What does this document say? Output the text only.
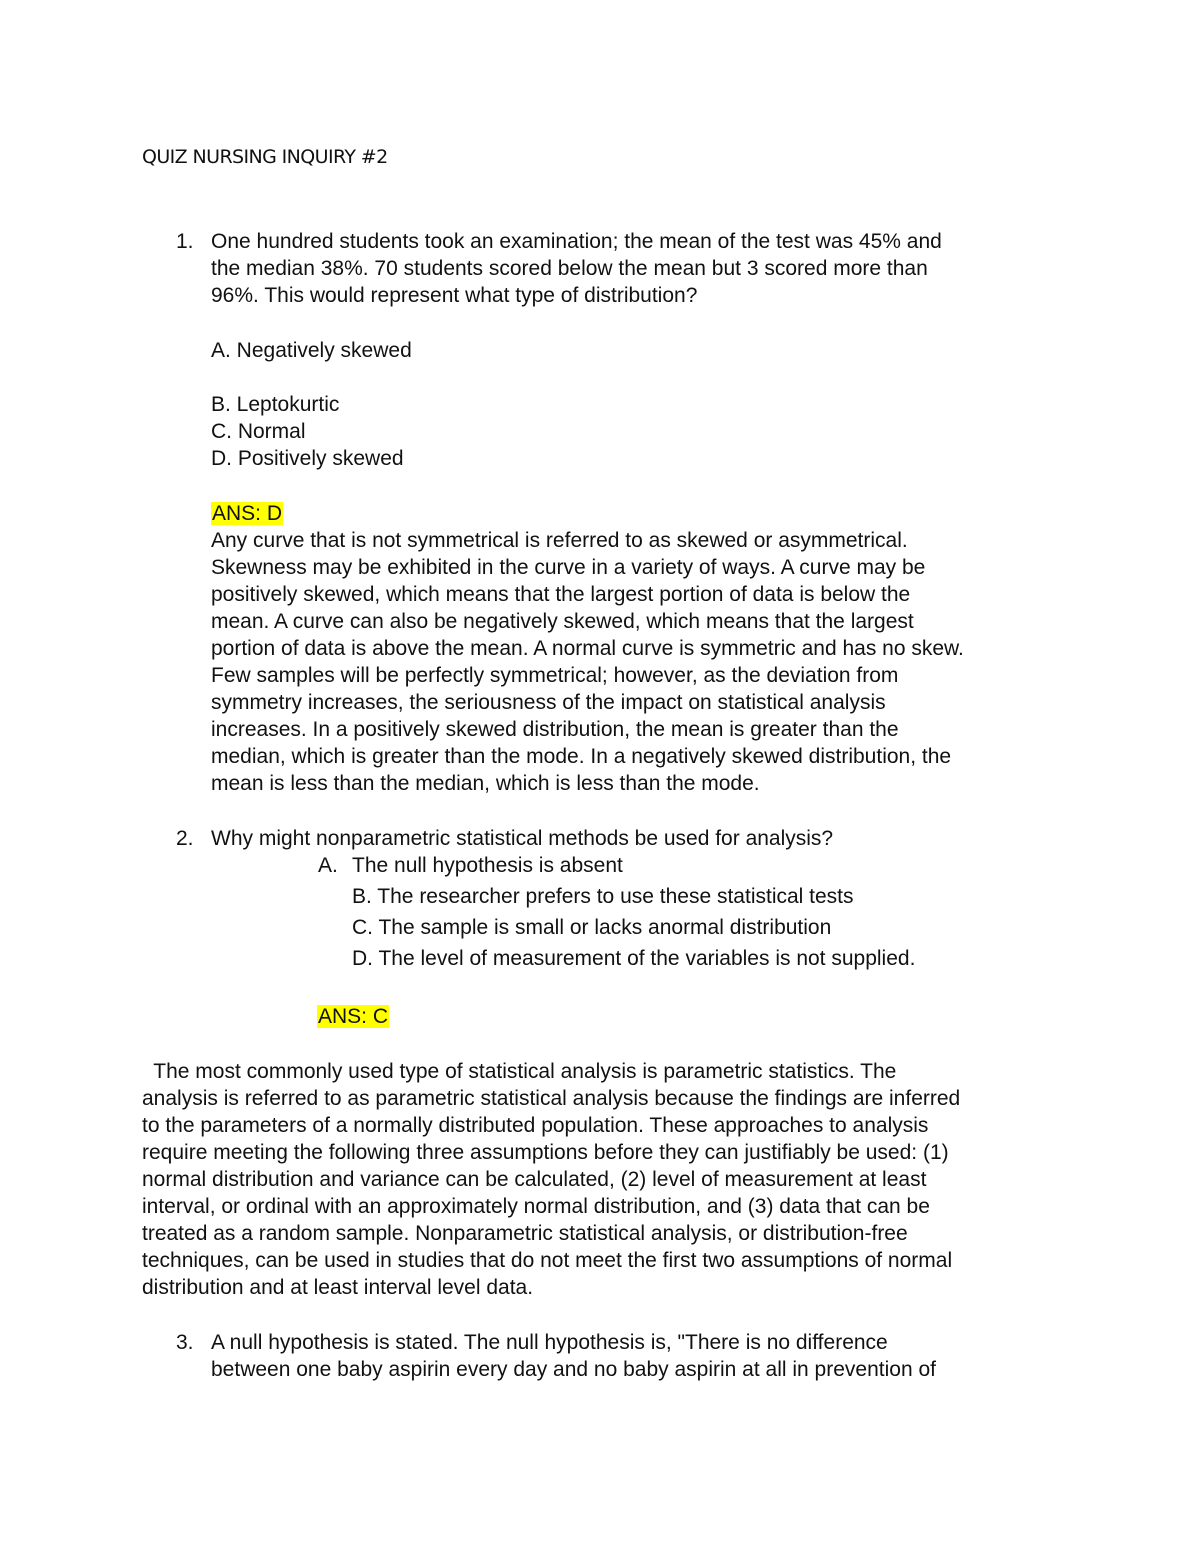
QUIZ NURSING INQUIRY #2
1. One hundred students took an examination; the mean of the test was 45% and
the median 38%. 70 students scored below the mean but 3 scored more than
96%. This would represent what type of distribution?
A. Negatively skewed
B. Leptokurtic
C. Normal
D. Positively skewed
ANS: D
Any curve that is not symmetrical is referred to as skewed or asymmetrical.
Skewness may be exhibited in the curve in a variety of ways. A curve may be
positively skewed, which means that the largest portion of data is below the
mean. A curve can also be negatively skewed, which means that the largest
portion of data is above the mean. A normal curve is symmetric and has no skew.
Few samples will be perfectly symmetrical; however, as the deviation from
symmetry increases, the seriousness of the impact on statistical analysis
increases. In a positively skewed distribution, the mean is greater than the
median, which is greater than the mode. In a negatively skewed distribution, the
mean is less than the median, which is less than the mode.
2. Why might nonparametric statistical methods be used for analysis?
A. The null hypothesis is absent
B. The researcher prefers to use these statistical tests
C. The sample is small or lacks anormal distribution
D. The level of measurement of the variables is not supplied.
ANS: C
The most commonly used type of statistical analysis is parametric statistics. The
analysis is referred to as parametric statistical analysis because the findings are inferred
to the parameters of a normally distributed population. These approaches to analysis
require meeting the following three assumptions before they can justifiably be used: (1)
normal distribution and variance can be calculated, (2) level of measurement at least
interval, or ordinal with an approximately normal distribution, and (3) data that can be
treated as a random sample. Nonparametric statistical analysis, or distribution-free
techniques, can be used in studies that do not meet the first two assumptions of normal
distribution and at least interval level data.
3. A null hypothesis is stated. The null hypothesis is, "There is no difference
between one baby aspirin every day and no baby aspirin at all in prevention of
